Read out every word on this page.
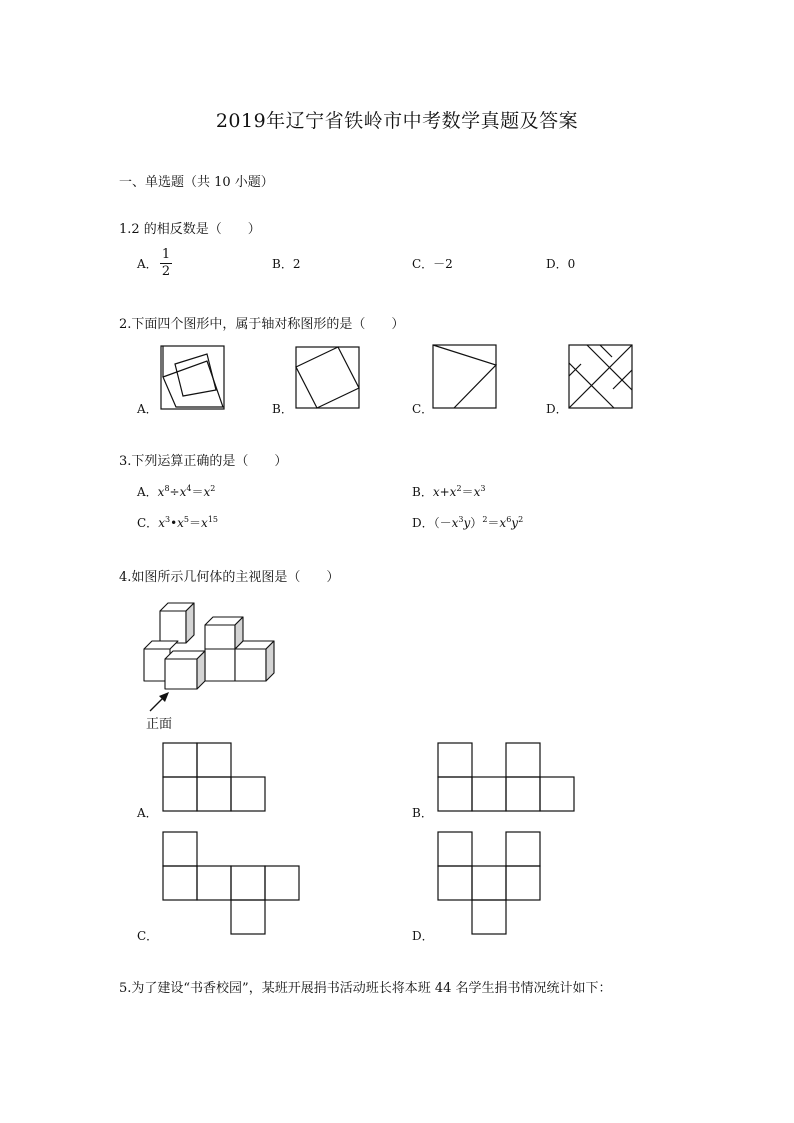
2019年辽宁省铁岭市中考数学真题及答案
一、单选题（共 10 小题）
1.2 的相反数是（　　）
A．
1
2	B．2	C．－2	D．0
2.下面四个图形中，属于轴对称图形的是（　　）
A．	B．	C．	D．
3.下列运算正确的是（　　）
A．$x^8\div x^4=x^2$	B．$x+x^2=x^3$
C．$x^3•x^5=x^{15}$	D．$(-x^3y)^2=x^6y^2$
4.如图所示几何体的主视图是（　　）
正面
A．	B．
C．	D．
5.为了建设“书香校园”，某班开展捐书活动班长将本班 44 名学生捐书情况统计如下：
